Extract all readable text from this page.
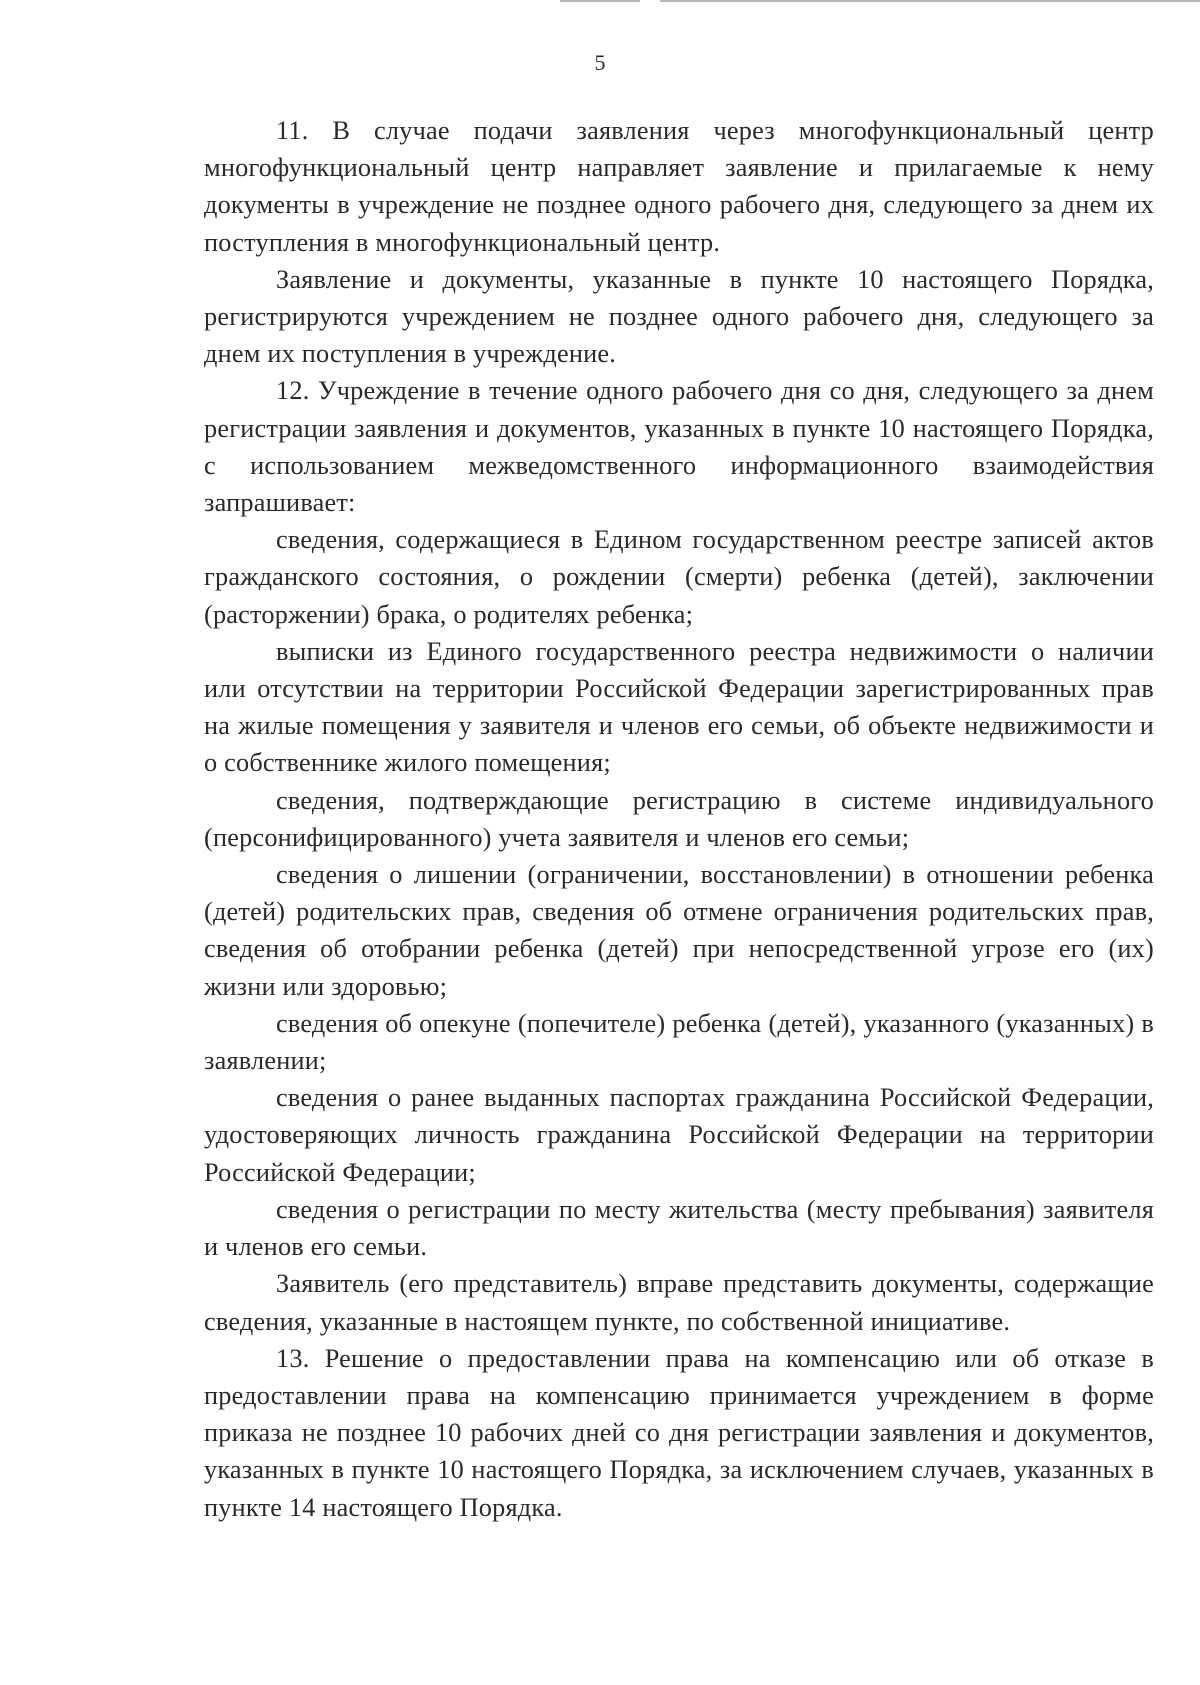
5

11. В случае подачи заявления через многофункциональный центр многофункциональный центр направляет заявление и прилагаемые к нему документы в учреждение не позднее одного рабочего дня, следующего за днем их поступления в многофункциональный центр.

Заявление и документы, указанные в пункте 10 настоящего Порядка, регистрируются учреждением не позднее одного рабочего дня, следующего за днем их поступления в учреждение.

12. Учреждение в течение одного рабочего дня со дня, следующего за днем регистрации заявления и документов, указанных в пункте 10 настоящего Порядка, с использованием межведомственного информационного взаимодействия запрашивает:

сведения, содержащиеся в Едином государственном реестре записей актов гражданского состояния, о рождении (смерти) ребенка (детей), заключении (расторжении) брака, о родителях ребенка;

выписки из Единого государственного реестра недвижимости о наличии или отсутствии на территории Российской Федерации зарегистрированных прав на жилые помещения у заявителя и членов его семьи, об объекте недвижимости и о собственнике жилого помещения;

сведения, подтверждающие регистрацию в системе индивидуального (персонифицированного) учета заявителя и членов его семьи;

сведения о лишении (ограничении, восстановлении) в отношении ребенка (детей) родительских прав, сведения об отмене ограничения родительских прав, сведения об отобрании ребенка (детей) при непосредственной угрозе его (их) жизни или здоровью;

сведения об опекуне (попечителе) ребенка (детей), указанного (указанных) в заявлении;

сведения о ранее выданных паспортах гражданина Российской Федерации, удостоверяющих личность гражданина Российской Федерации на территории Российской Федерации;

сведения о регистрации по месту жительства (месту пребывания) заявителя и членов его семьи.

Заявитель (его представитель) вправе представить документы, содержащие сведения, указанные в настоящем пункте, по собственной инициативе.

13. Решение о предоставлении права на компенсацию или об отказе в предоставлении права на компенсацию принимается учреждением в форме приказа не позднее 10 рабочих дней со дня регистрации заявления и документов, указанных в пункте 10 настоящего Порядка, за исключением случаев, указанных в пункте 14 настоящего Порядка.
